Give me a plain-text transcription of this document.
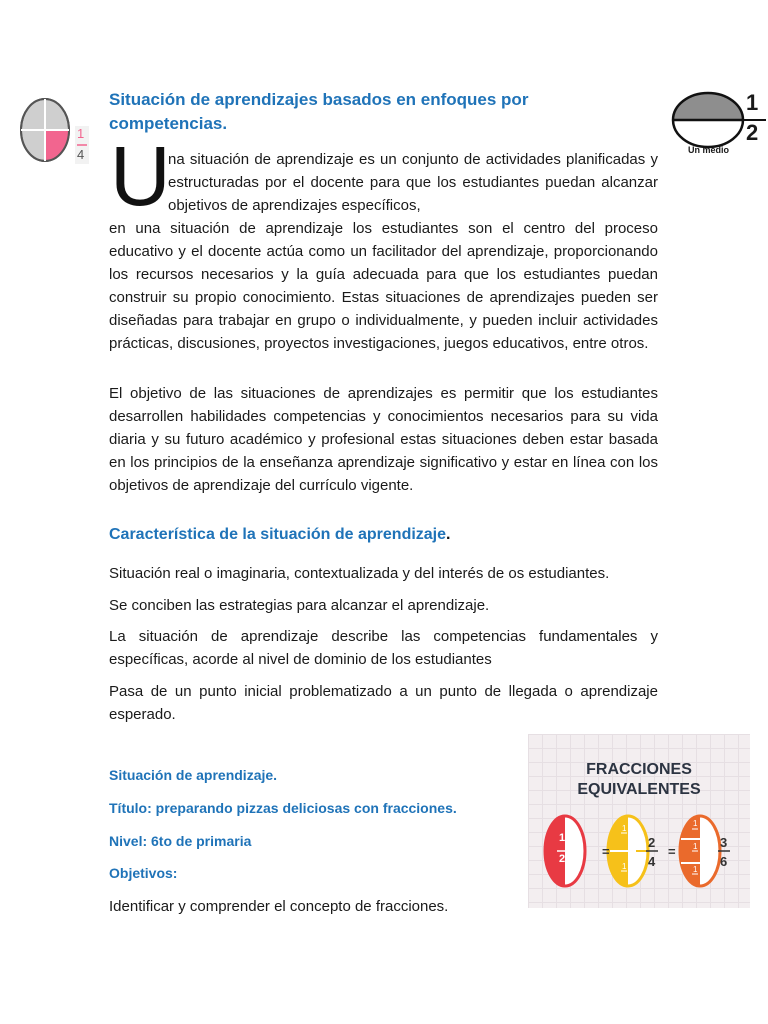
1
4
1
2
Un medio
Situación de aprendizajes basados en enfoques por competencias.
U

na situación de aprendizaje es un conjunto de actividades planificadas y estructuradas por el docente para que los estudiantes puedan alcanzar objetivos de aprendizajes específicos,

en una situación de aprendizaje los estudiantes son el centro del proceso educativo y el docente actúa como un facilitador del aprendizaje, proporcionando los recursos necesarios y la guía adecuada para que los estudiantes puedan construir su propio conocimiento. Estas situaciones de aprendizajes pueden ser diseñadas para trabajar en grupo o individualmente, y pueden incluir actividades prácticas, discusiones, proyectos investigaciones, juegos educativos, entre otros.

El objetivo de las situaciones de aprendizajes es permitir que los estudiantes desarrollen habilidades competencias y conocimientos necesarios para su vida diaria y su futuro académico y profesional estas situaciones deben estar basada en los principios de la enseñanza aprendizaje significativo y estar en línea con los objetivos de aprendizaje del currículo vigente.

Característica de la situación de aprendizaje.

Situación real o imaginaria, contextualizada y del interés de os estudiantes.

Se conciben las estrategias para alcanzar el aprendizaje.

La situación de aprendizaje describe las competencias fundamentales y específicas, acorde al nivel de dominio de los estudiantes

Pasa de un punto inicial problematizado a un punto de llegada o aprendizaje esperado.

Situación de aprendizaje.
Título: preparando pizzas deliciosas con fracciones.
Nivel: 6to de primaria
Objetivos:
Identificar y comprender el concepto de fracciones.
FRACCIONES
EQUIVALENTES
1
2	=
1
1
2
4
=
1
1
1
3
6
